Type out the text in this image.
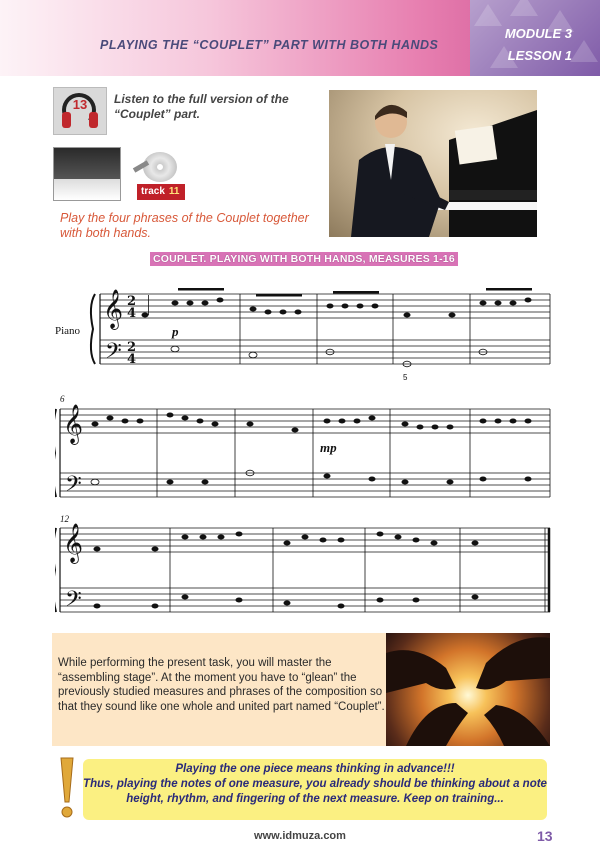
PLAYING THE “COUPLET” PART WITH BOTH HANDS
MODULE 3
LESSON 1
13	Listen to the full version of the “Couplet” part.
track 11
Play the four phrases of the Couplet together with both hands.
COUPLET. PLAYING WITH BOTH HANDS, MEASURES 1-16
𝄞
𝄢
2
4
2
4
Piano	p
5
𝄞
𝄢
6
mp
𝄞
𝄢
12
While performing the present task, you will master the “assembling stage”. At the moment you have to “glean” the previously studied measures and phrases of the composition so that they sound like one whole and united part named “Couplet”.
Playing the one piece means thinking in advance!!!
Thus, playing the notes of one measure, you already should be thinking about a note height, rhythm, and fingering of the next measure. Keep on training...
www.idmuza.com	13
